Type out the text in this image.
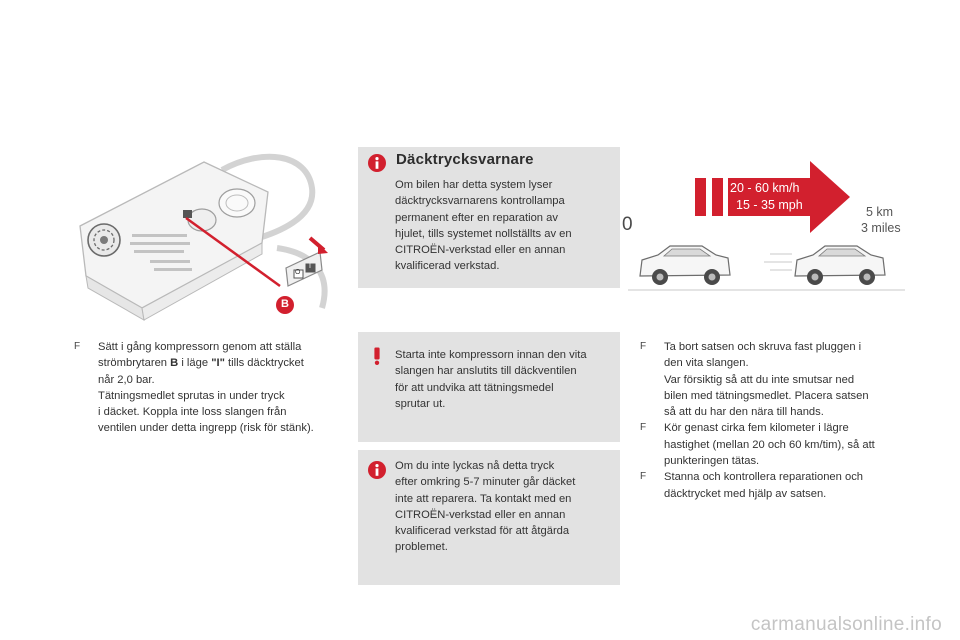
O
I
B
Däcktrycksvarnare
Om bilen har detta system lyser
däcktrycksvarnarens kontrollampa
permanent efter en reparation av
hjulet, tills systemet nollställts av en
CITROËN-verkstad eller en annan
kvalificerad verkstad.
20 - 60 km/h
15 - 35 mph
0
5 km
3 miles
F Sätt i gång kompressorn genom att ställa
strömbrytaren B i läge "I" tills däcktrycket
når 2,0 bar.
Tätningsmedlet sprutas in under tryck
i däcket. Koppla inte loss slangen från
ventilen under detta ingrepp (risk för stänk).
Starta inte kompressorn innan den vita
slangen har anslutits till däckventilen
för att undvika att tätningsmedel
sprutar ut.
Om du inte lyckas nå detta tryck
efter omkring 5-7 minuter går däcket
inte att reparera. Ta kontakt med en
CITROËN-verkstad eller en annan
kvalificerad verkstad för att åtgärda
problemet.
F Ta bort satsen och skruva fast pluggen i
den vita slangen.
Var försiktig så att du inte smutsar ned
bilen med tätningsmedlet. Placera satsen
så att du har den nära till hands.
F Kör genast cirka fem kilometer i lägre
hastighet (mellan 20 och 60 km/tim), så att
punkteringen tätas.
F Stanna och kontrollera reparationen och
däcktrycket med hjälp av satsen.
carmanualsonline.info
